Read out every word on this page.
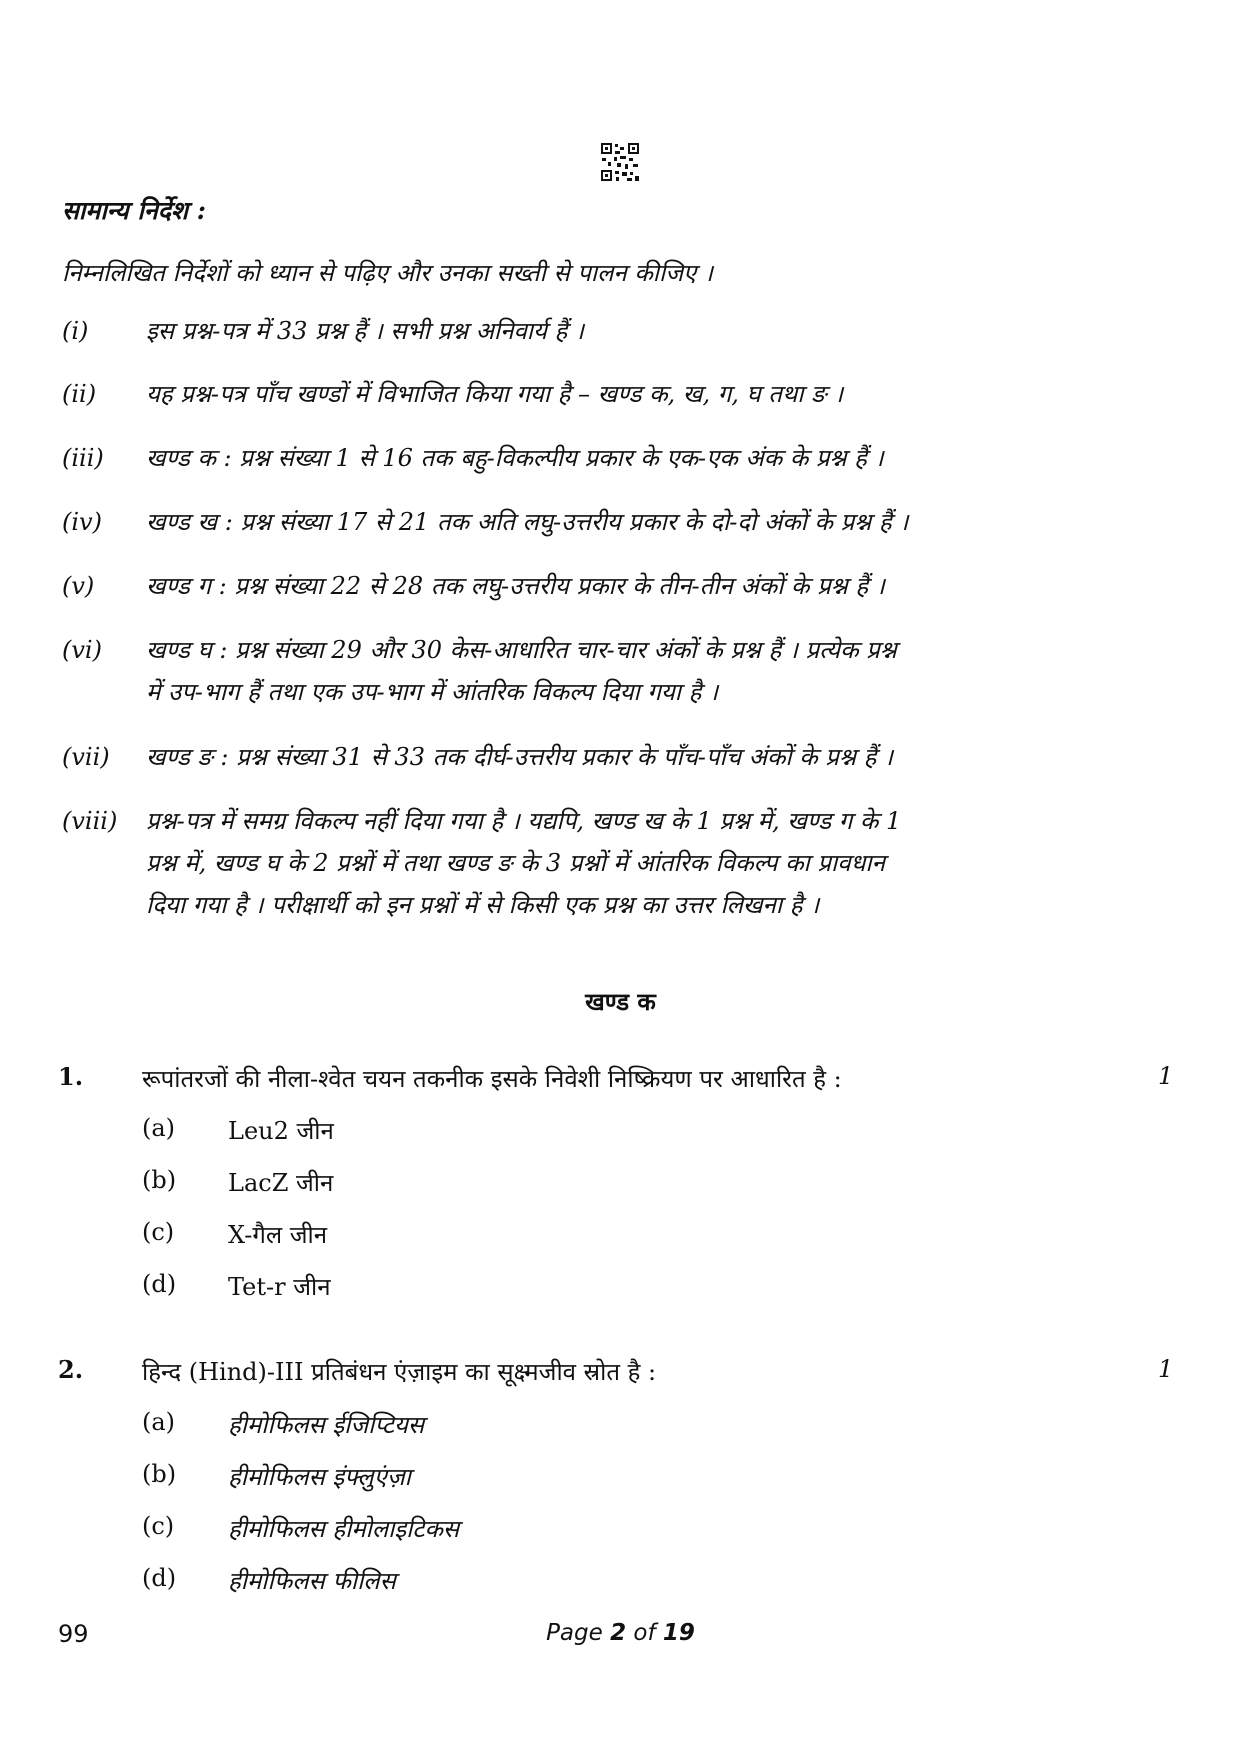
सामान्य निर्देश :
निम्नलिखित निर्देशों को ध्यान से पढ़िए और उनका सख्ती से पालन कीजिए ।
(i)	इस प्रश्न-पत्र में 33 प्रश्न हैं । सभी प्रश्न अनिवार्य हैं ।
(ii)	यह प्रश्न-पत्र पाँच खण्डों में विभाजित किया गया है – खण्ड क, ख, ग, घ तथा ङ ।
(iii)	खण्ड क : प्रश्न संख्या 1 से 16 तक बहु-विकल्पीय प्रकार के एक-एक अंक के प्रश्न हैं ।
(iv)	खण्ड ख : प्रश्न संख्या 17 से 21 तक अति लघु-उत्तरीय प्रकार के दो-दो अंकों के प्रश्न हैं ।
(v)	खण्ड ग : प्रश्न संख्या 22 से 28 तक लघु-उत्तरीय प्रकार के तीन-तीन अंकों के प्रश्न हैं ।
(vi)	खण्ड घ : प्रश्न संख्या 29 और 30 केस-आधारित चार-चार अंकों के प्रश्न हैं । प्रत्येक प्रश्न
में उप-भाग हैं तथा एक उप-भाग में आंतरिक विकल्प दिया गया है ।
(vii)	खण्ड ङ : प्रश्न संख्या 31 से 33 तक दीर्घ-उत्तरीय प्रकार के पाँच-पाँच अंकों के प्रश्न हैं ।
(viii)	प्रश्न-पत्र में समग्र विकल्प नहीं दिया गया है । यद्यपि, खण्ड ख के 1 प्रश्न में, खण्ड ग के 1
प्रश्न में, खण्ड घ के 2 प्रश्नों में तथा खण्ड ङ के 3 प्रश्नों में आंतरिक विकल्प का प्रावधान
दिया गया है । परीक्षार्थी को इन प्रश्नों में से किसी एक प्रश्न का उत्तर लिखना है ।
खण्ड क
1. रूपांतरजों की नीला-श्वेत चयन तकनीक इसके निवेशी निष्क्रियण पर आधारित है :	1
(a) Leu2 जीन
(b) LacZ जीन
(c) X-गैल जीन
(d) Tet-r जीन
2. हिन्द (Hind)-III प्रतिबंधन एंज़ाइम का सूक्ष्मजीव स्रोत है :	1
(a) हीमोफिलस ईजिप्टियस
(b) हीमोफिलस इंफ्लुएंज़ा
(c) हीमोफिलस हीमोलाइटिकस
(d) हीमोफिलस फीलिस
99	Page 2 of 19
